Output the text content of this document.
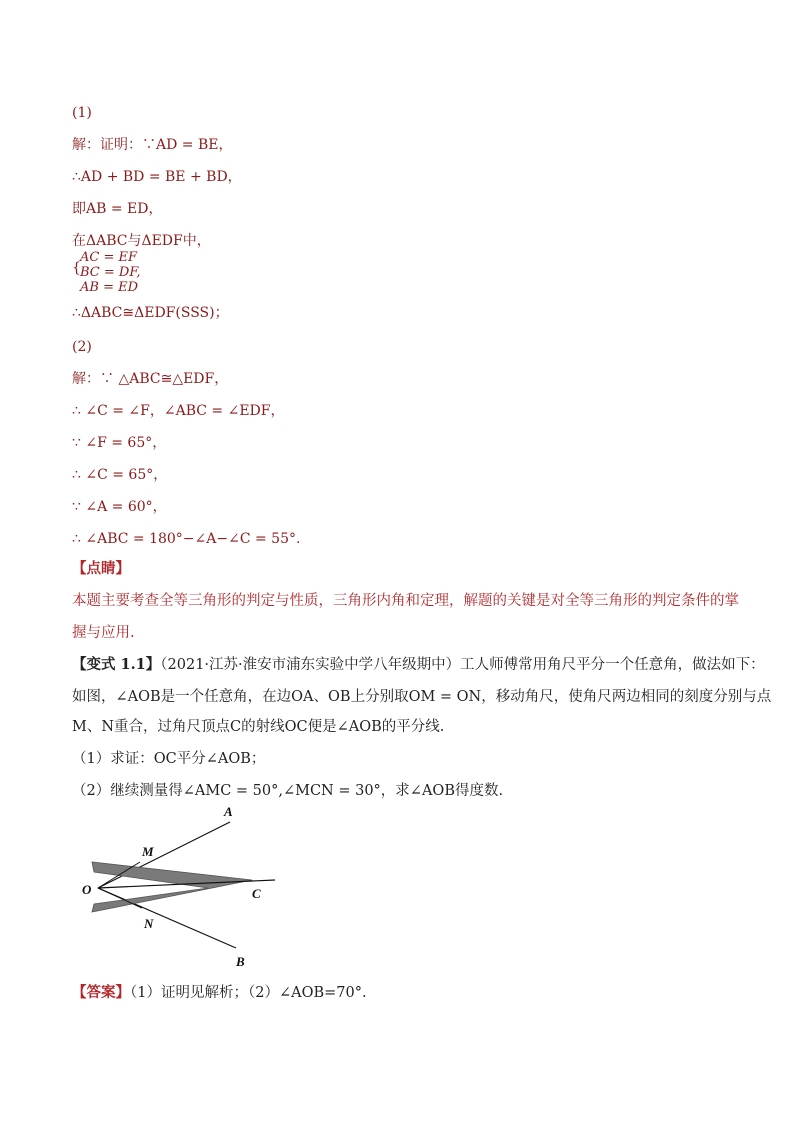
(1)
解：证明：∵AD = BE，
∴AD + BD = BE + BD，
即AB = ED，
在ΔABC与ΔEDF中，
{
AC = EF
BC = DF,
AB = ED
∴ΔABC≅ΔEDF(SSS)；
(2)
解：∵ △ABC≅△EDF，
∴ ∠C = ∠F，∠ABC = ∠EDF，
∵ ∠F = 65°，
∴ ∠C = 65°，
∵ ∠A = 60°，
∴ ∠ABC = 180°−∠A−∠C = 55°.
【点睛】
本题主要考查全等三角形的判定与性质，三角形内角和定理，解题的关键是对全等三角形的判定条件的掌
握与应用.
【变式 1.1】（2021·江苏·淮安市浦东实验中学八年级期中）工人师傅常用角尺平分一个任意角，做法如下：
如图，∠AOB是一个任意角，在边OA、OB上分别取OM = ON，移动角尺，使角尺两边相同的刻度分别与点
M、N重合，过角尺顶点C的射线OC便是∠AOB的平分线.
（1）求证：OC平分∠AOB；
（2）继续测量得∠AMC = 50°,∠MCN = 30°，求∠AOB得度数.
A
M
O	C
N
B
【答案】（1）证明见解析；（2）∠AOB=70°.
